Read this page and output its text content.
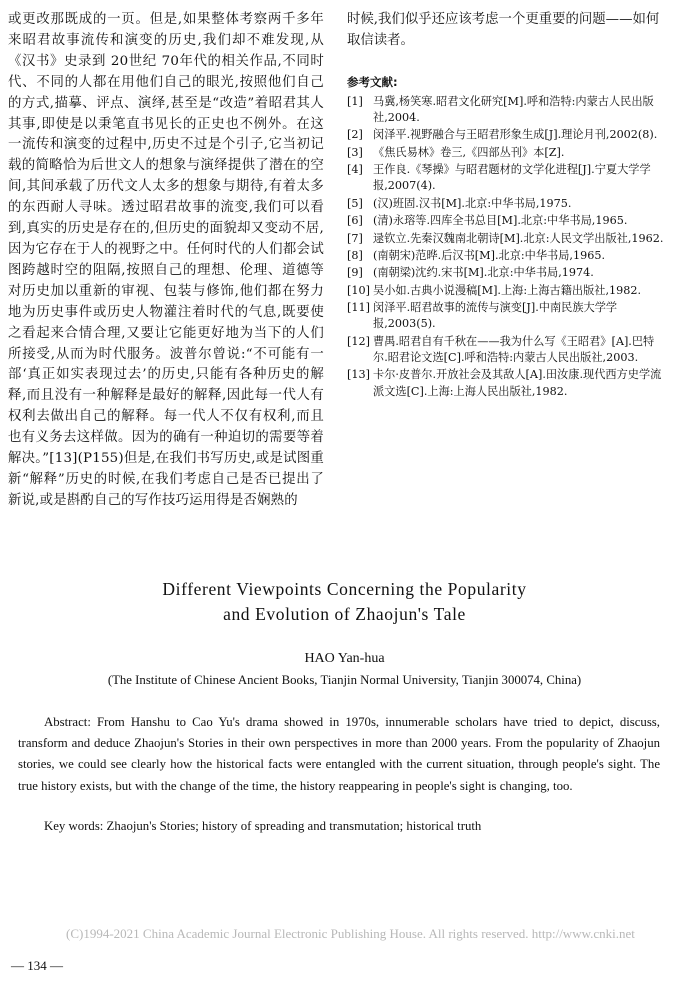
或更改那既成的一页。但是,如果整体考察两千多年来昭君故事流传和演变的历史,我们却不难发现,从《汉书》史录到 20世纪 70年代的相关作品,不同时代、不同的人都在用他们自己的眼光,按照他们自己的方式,描摹、评点、演绎,甚至是“改造”着昭君其人其事,即使是以秉笔直书见长的正史也不例外。在这一流传和演变的过程中,历史不过是个引子,它当初记载的简略恰为后世文人的想象与演绎提供了潜在的空间,其间承载了历代文人太多的想象与期待,有着太多的东西耐人寻味。透过昭君故事的流变,我们可以看到,真实的历史是存在的,但历史的面貌却又变动不居,因为它存在于人的视野之中。任何时代的人们都会试图跨越时空的阻隔,按照自己的理想、伦理、道德等对历史加以重新的审视、包装与修饰,他们都在努力地为历史事件或历史人物灌注着时代的气息,既要使之看起来合情合理,又要让它能更好地为当下的人们所接受,从而为时代服务。波普尔曾说:“不可能有一部‘真正如实表现过去’的历史,只能有各种历史的解释,而且没有一种解释是最好的解释,因此每一代人有权利去做出自己的解释。每一代人不仅有权利,而且也有义务去这样做。因为的确有一种迫切的需要等着解决。”[13](P155)但是,在我们书写历史,或是试图重新“解释”历史的时候,在我们考虑自己是否已提出了新说,或是斟酌自己的写作技巧运用得是否娴熟的

时候,我们似乎还应该考虑一个更重要的问题——如何取信读者。

参考文献:
[1] 马冀,杨笑寒.昭君文化研究[M].呼和浩特:内蒙古人民出版社,2004.
[2] 闵泽平.视野融合与王昭君形象生成[J].理论月刊,2002(8).
[3] 《焦氏易林》卷三,《四部丛刊》本[Z].
[4] 王作良.《琴操》与昭君题材的文学化进程[J].宁夏大学学报,2007(4).
[5] (汉)班固.汉书[M].北京:中华书局,1975.
[6] (清)永瑢等.四库全书总目[M].北京:中华书局,1965.
[7] 逯钦立.先秦汉魏南北朝诗[M].北京:人民文学出版社,1962.
[8] (南朝宋)范晔.后汉书[M].北京:中华书局,1965.
[9] (南朝梁)沈约.宋书[M].北京:中华书局,1974.
[10] 吴小如.古典小说漫稿[M].上海:上海古籍出版社,1982.
[11] 闵泽平.昭君故事的流传与演变[J].中南民族大学学报,2003(5).
[12] 曹禺.昭君自有千秋在——我为什么写《王昭君》[A].巴特尔.昭君论文选[C].呼和浩特:内蒙古人民出版社,2003.
[13] 卡尔·皮普尔.开放社会及其敌人[A].田汝康.现代西方史学流派文选[C].上海:上海人民出版社,1982.
Different Viewpoints Concerning the Popularity
and Evolution of Zhaojun's Tale
HAO Yan-hua
(The Institute of Chinese Ancient Books, Tianjin Normal University, Tianjin 300074, China)

Abstract: From Hanshu to Cao Yu's drama showed in 1970s, innumerable scholars have tried to depict, discuss, transform and deduce Zhaojun's Stories in their own perspectives in more than 2000 years. From the popularity of Zhaojun stories, we could see clearly how the historical facts were entangled with the current situation, through people's sight. The true history exists, but with the change of the time, the history reappearing in people's sight is changing, too.

Key words: Zhaojun's Stories; history of spreading and transmutation; historical truth

(C)1994-2021 China Academic Journal Electronic Publishing House. All rights reserved. http://www.cnki.net
— 134 —
